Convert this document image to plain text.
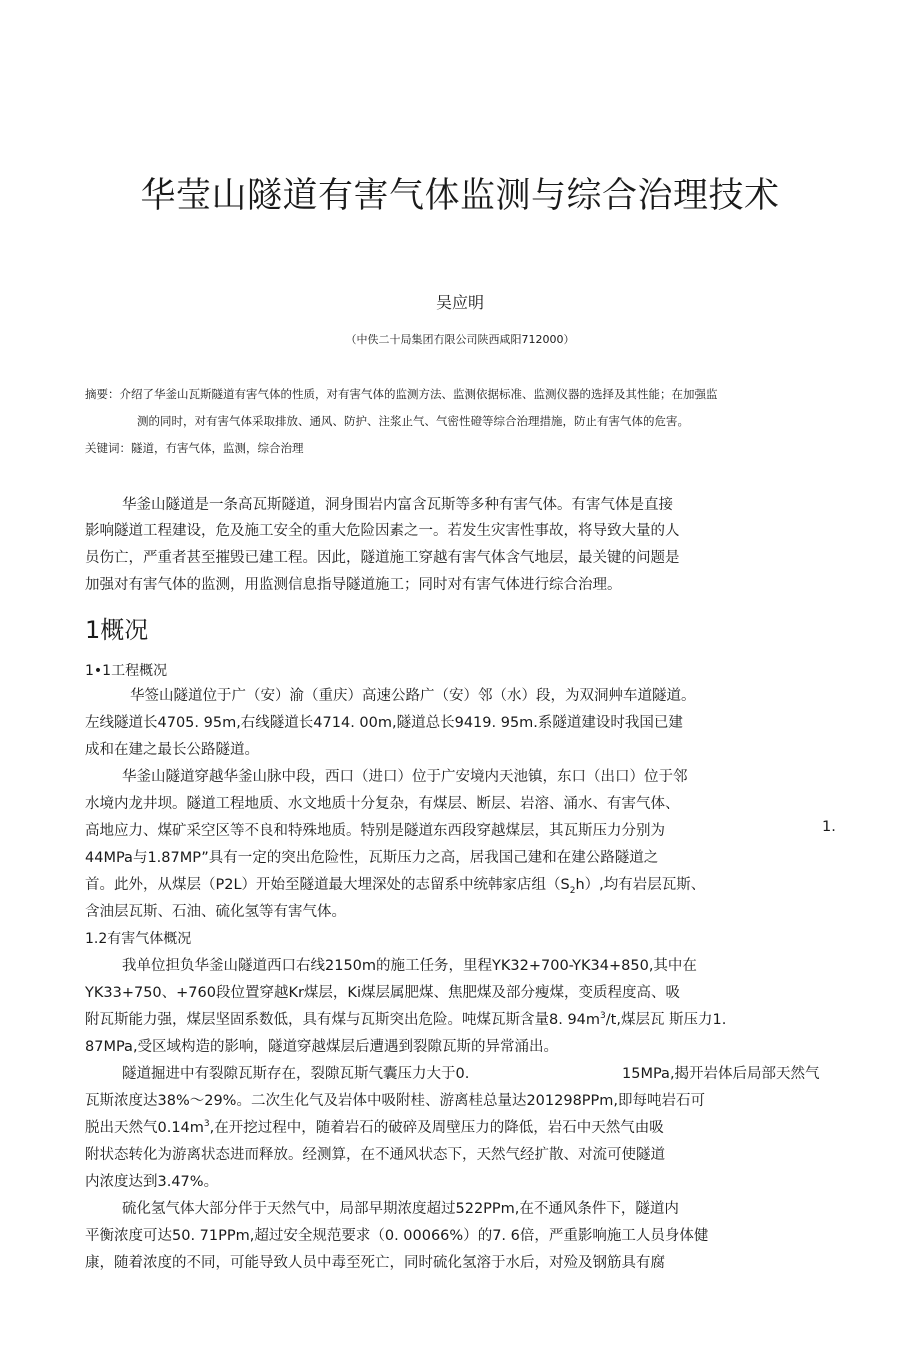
华莹山隧道有害气体监测与综合治理技术
吴应明
（中佚二十局集团冇限公司陕西咸阳712000）
摘要：介绍了华釜山瓦斯隧道有害气体的性质，对有害气体的监测方法、监测依据标准、监测仪器的选择及其性能；在加强监
测的同时，对有害气体采取排放、通风、防护、注浆止气、气密性磴等综合治理措施，防止有害气体的危害。
关键词：隧道，冇害气体，监测，综合治理
华釜山隧道是一条高瓦斯隧道，洞身围岩内富含瓦斯等多种有害气体。有害气体是直接
影响隧道工程建设，危及施工安全的重大危险因素之一。若发生灾害性事故，将导致大量的人
员伤亡，严重者甚至摧毁已建工程。因此，隧道施工穿越有害气体含气地层，最关键的问题是
加强对有害气体的监测，用监测信息指导隧道施工；同时对有害气体进行综合治理。
1概况
1•1工程概况
华签山隧道位于广（安）渝（重庆）高速公路广（安）邻（水）段，为双洞艸车道隧道。
左线隧道长4705. 95m,右线隧道长4714. 00m,隧道总长9419. 95m.系隧道建设时我国已建
成和在建之最长公路隧道。
华釜山隧道穿越华釜山脉中段，西口（进口）位于广安境内天池镇，东口（出口）位于邻
水境内龙井坝。隧道工程地质、水文地质十分复杂，有煤层、断层、岩溶、涌水、有害气体、
高地应力、煤矿采空区等不良和特殊地质。特别是隧道东西段穿越煤层，其瓦斯压力分别为	1.
44MPa与1.87MP”具有一定的突出危险性，瓦斯压力之高，居我国己建和在建公路隧道之
首。此外，从煤层（P2L）开始至隧道最大埋深处的志留系中统韩家店组$(S_2h)$,均有岩层瓦斯、
含油层瓦斯、石油、硫化氢等有害气体。
1.2有害气体概况
我单位担负华釜山隧道西口右线2150m的施工任务，里程YK32+700-YK34+850,其中在
YK33+750、+760段位置穿越Kr煤层，Ki煤层属肥煤、焦肥煤及部分瘦煤，变质程度高、吸
附瓦斯能力强，煤层坚固系数低，具有煤与瓦斯突出危险。吨煤瓦斯含量8. $94m^3/t$,煤层瓦 斯压力1.
87MPa,受区域构造的影响，隧道穿越煤层后遭遇到裂隙瓦斯的异常涌出。
隧道掘进中有裂隙瓦斯存在，裂隙瓦斯气囊压力大于0.	15MPa,揭开岩体后局部天然气
瓦斯浓度达38%〜29%。二次生化气及岩体中吸附桂、游离桂总量达201298PPm,即每吨岩石可
脱出天然气$0.14m^3$,在开挖过程中，随着岩石的破碎及周壁压力的降低，岩石中天然气由吸
附状态转化为游离状态进而释放。经测算，在不通风状态下，天然气经扩散、对流可使隧道
内浓度达到3.47%。
硫化氢气体大部分伴于天然气中，局部早期浓度超过522PPm,在不通风条件下，隧道内
平衡浓度可达50. 71PPm,超过安全规范要求（0. 00066%）的7. 6倍，严重影响施工人员身体健
康，随着浓度的不同，可能导致人员中毒至死亡，同时硫化氢溶于水后，对殓及钢筋具有腐
